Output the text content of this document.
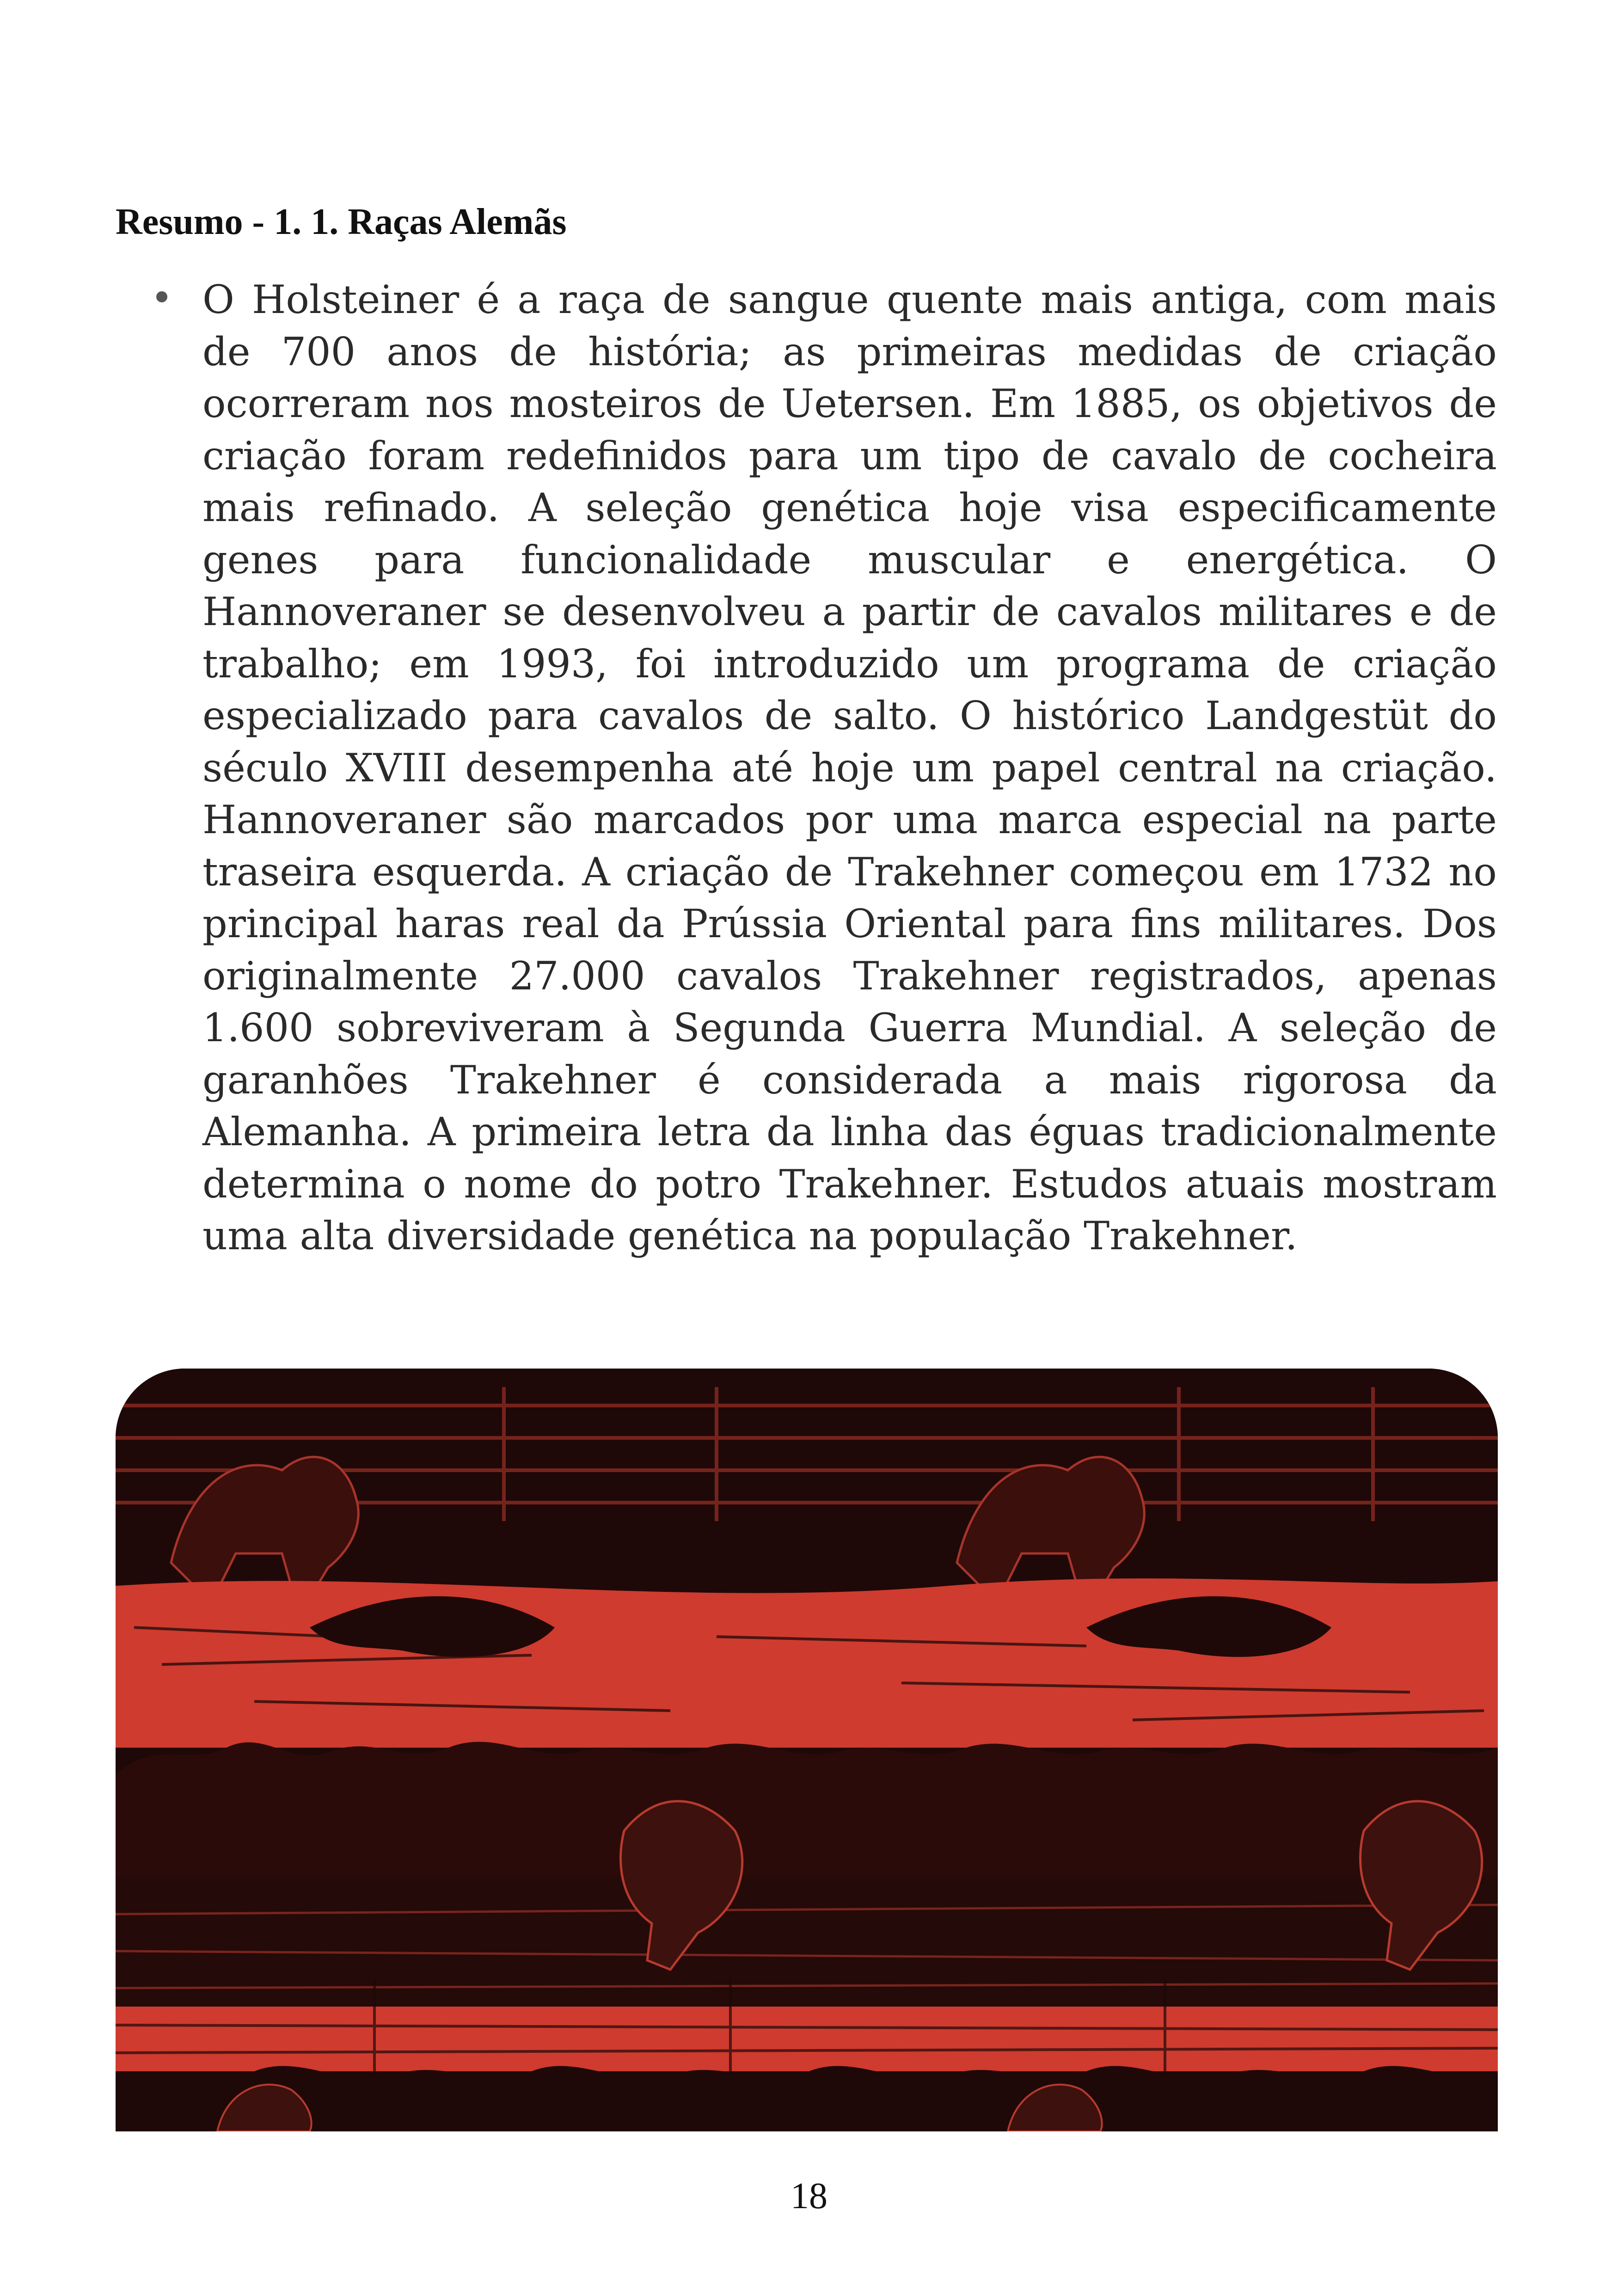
Resumo - 1. 1. Raças Alemãs

O Holsteiner é a raça de sangue quente mais antiga, com mais de 700 anos de história; as primeiras medidas de criação ocorreram nos mosteiros de Uetersen. Em 1885, os objetivos de criação foram redefinidos para um tipo de cavalo de cocheira mais refinado. A seleção genética hoje visa especificamente genes para funcionalidade muscular e energética. O Hannoveraner se desenvolveu a partir de cavalos militares e de trabalho; em 1993, foi introduzido um programa de criação especializado para cavalos de salto. O histórico Landgestüt do século XVIII desempenha até hoje um papel central na criação. Hannoveraner são marcados por uma marca especial na parte traseira esquerda. A criação de Trakehner começou em 1732 no principal haras real da Prússia Oriental para fins militares. Dos originalmente 27.000 cavalos Trakehner registrados, apenas 1.600 sobreviveram à Segunda Guerra Mundial. A seleção de garanhões Trakehner é considerada a mais rigorosa da Alemanha. A primeira letra da linha das éguas tradicionalmente determina o nome do potro Trakehner. Estudos atuais mostram uma alta diversidade genética na população Trakehner.

18
